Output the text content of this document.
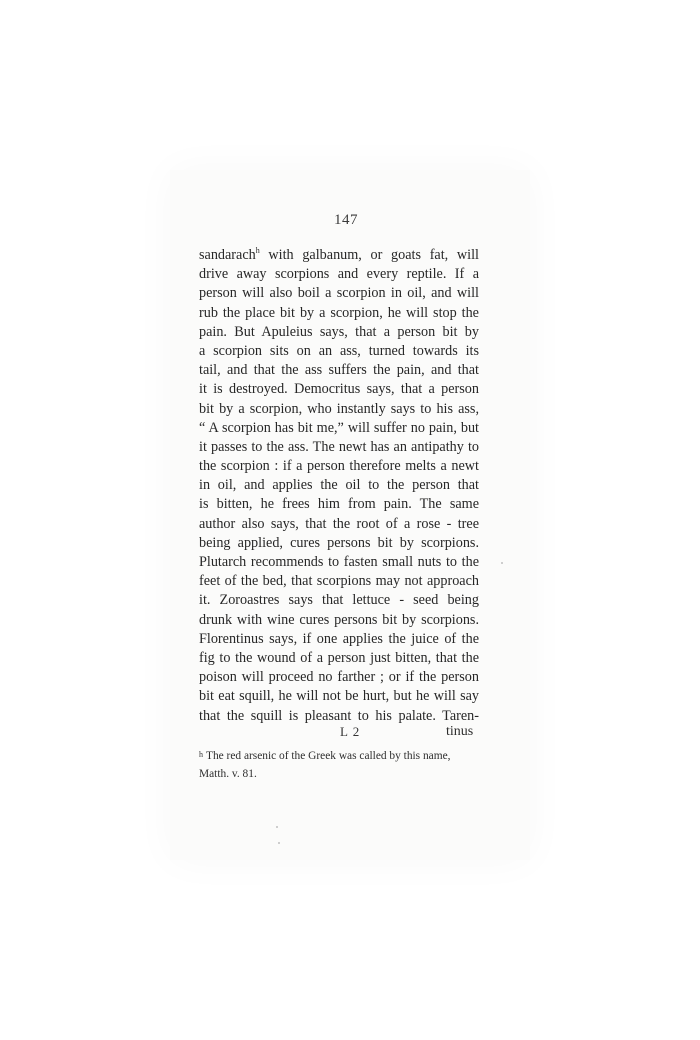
147
sandarach$^h$ with galbanum, or goats fat, will
drive away scorpions and every reptile. If a
person will also boil a scorpion in oil, and will
rub the place bit by a scorpion, he will stop the
pain. But Apuleius says, that a person bit by
a scorpion sits on an ass, turned towards its
tail, and that the ass suffers the pain, and that
it is destroyed. Democritus says, that a person
bit by a scorpion, who instantly says to his ass,
“ A scorpion has bit me,” will suffer no pain, but
it passes to the ass. The newt has an antipathy to
the scorpion : if a person therefore melts a newt
in oil, and applies the oil to the person that
is bitten, he frees him from pain. The same
author also says, that the root of a rose - tree
being applied, cures persons bit by scorpions.
Plutarch recommends to fasten small nuts to the
feet of the bed, that scorpions may not approach
it. Zoroastres says that lettuce - seed being
drunk with wine cures persons bit by scorpions.
Florentinus says, if one applies the juice of the
fig to the wound of a person just bitten, that the
poison will proceed no farther ; or if the person
bit eat squill, he will not be hurt, but he will say
that the squill is pleasant to his palate. Taren-
L 2	tinus
h The red arsenic of the Greek was called by this name,
Matth. v. 81.
